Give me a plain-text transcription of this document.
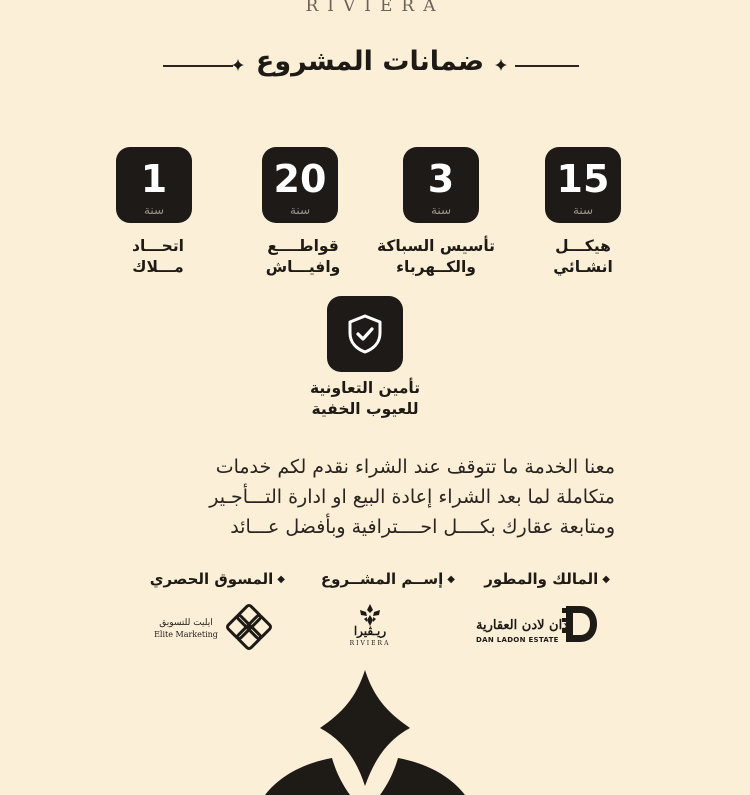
RIVIERA
ضمانات المشروع
15
سنة
هيكـــل
انشـائي
3
سنة
تأسيس السباكة
والكــهرباء
20
سنة
قواطــــع
وافيـــاش
1
سنة
اتحـــاد
مـــلاك
تأمين التعاونية
للعيوب الخفية
معنا الخدمة ما تتوقف عند الشراء نقدم لكم خدمات
متكاملة لما بعد الشراء إعادة البيع او ادارة التـــأجـير
ومتابعة عقارك بكــــل احــــترافية وبأفضل عـــائد
◆المالك والمطور
◆إســم المشــروع
◆المسوق الحصري
دان لادن العقارية
DAN LADON ESTATE
ريـڤيرا
RIVIERA
ايليت للتسويق
Elite Marketing
